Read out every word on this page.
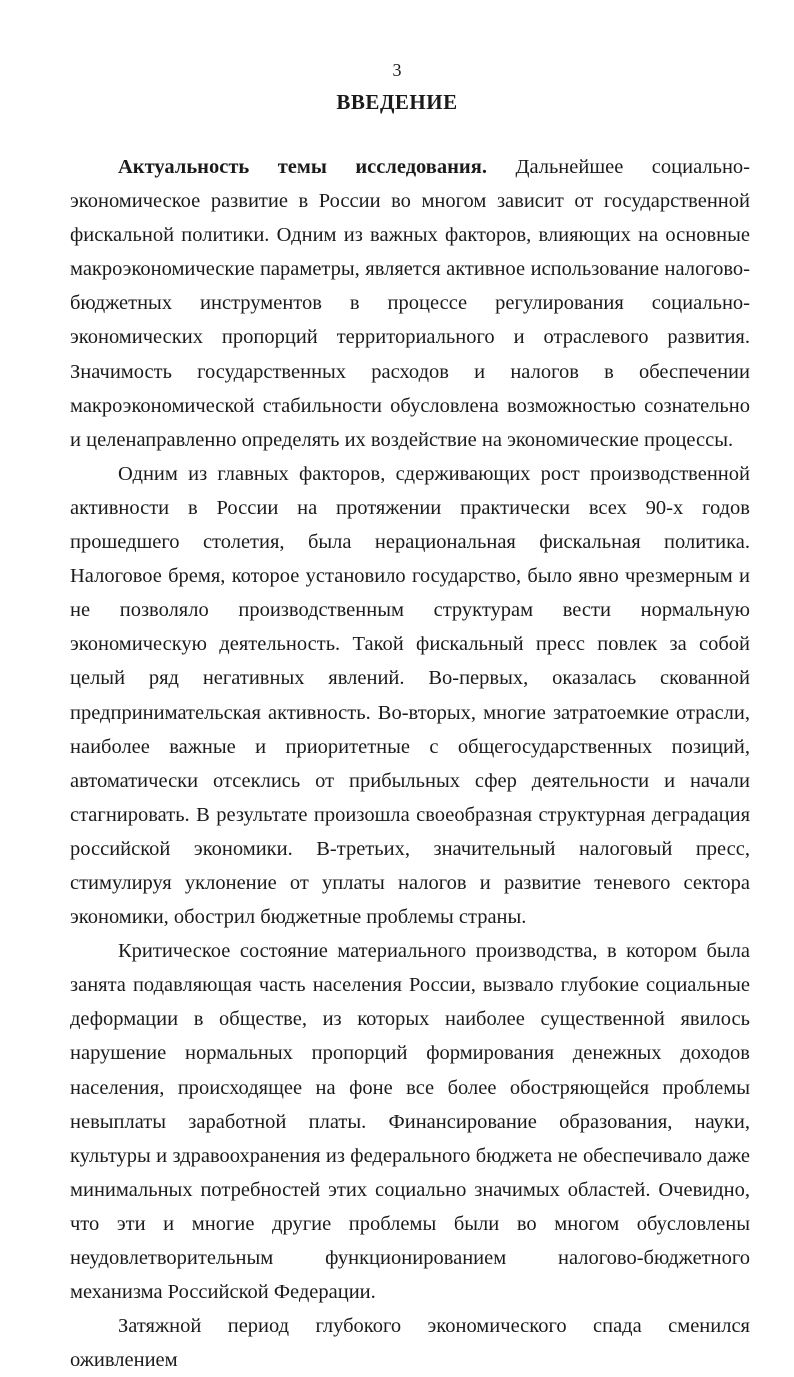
3
ВВЕДЕНИЕ

Актуальность темы исследования. Дальнейшее социально-экономическое развитие в России во многом зависит от государственной фискальной политики. Одним из важных факторов, влияющих на основные макроэкономические параметры, является активное использование налогово-бюджетных инструментов в процессе регулирования социально-экономических пропорций территориального и отраслевого развития. Значимость государственных расходов и налогов в обеспечении макроэкономической стабильности обусловлена возможностью сознательно и целенаправленно определять их воздействие на экономические процессы.

Одним из главных факторов, сдерживающих рост производственной активности в России на протяжении практически всех 90-х годов прошедшего столетия, была нерациональная фискальная политика. Налоговое бремя, которое установило государство, было явно чрезмерным и не позволяло производственным структурам вести нормальную экономическую деятельность. Такой фискальный пресс повлек за собой целый ряд негативных явлений. Во-первых, оказалась скованной предпринимательская активность. Во-вторых, многие затратоемкие отрасли, наиболее важные и приоритетные с общегосударственных позиций, автоматически отсеклись от прибыльных сфер деятельности и начали стагнировать. В результате произошла своеобразная структурная деградация российской экономики. В-третьих, значительный налоговый пресс, стимулируя уклонение от уплаты налогов и развитие теневого сектора экономики, обострил бюджетные проблемы страны.

Критическое состояние материального производства, в котором была занята подавляющая часть населения России, вызвало глубокие социальные деформации в обществе, из которых наиболее существенной явилось нарушение нормальных пропорций формирования денежных доходов населения, происходящее на фоне все более обостряющейся проблемы невыплаты заработной платы. Финансирование образования, науки, культуры и здравоохранения из федерального бюджета не обеспечивало даже минимальных потребностей этих социально значимых областей. Очевидно, что эти и многие другие проблемы были во многом обусловлены неудовлетворительным функционированием налогово-бюджетного механизма Российской Федерации.

Затяжной период глубокого экономического спада сменился оживлением
